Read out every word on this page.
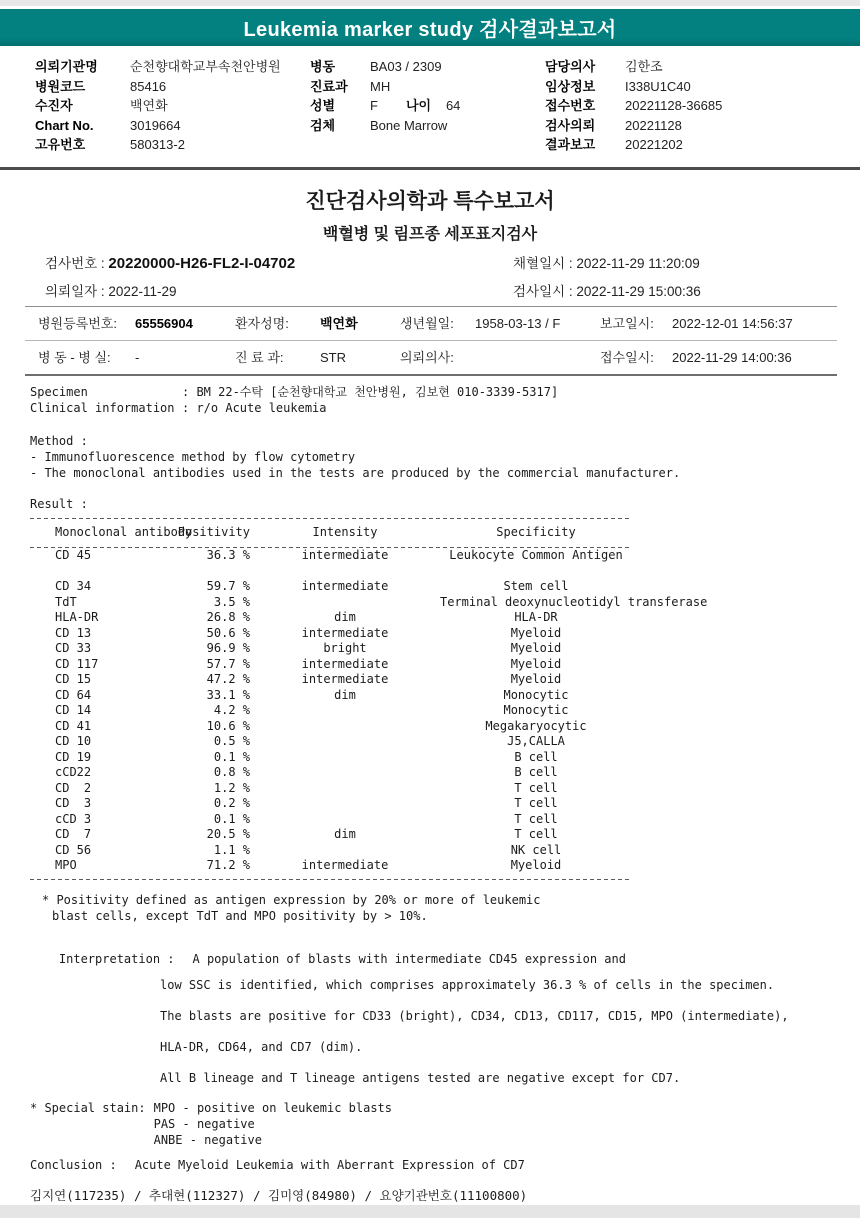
Leukemia marker study 검사결과보고서
의뢰기관명	순천향대학교부속천안병원
병원코드	85416
수진자	백연화
Chart No.	3019664
고유번호	580313-2
병동	BA03 / 2309
진료과	MH
성별	F 나이	64
검체	Bone Marrow
담당의사	김한조
임상정보	I338U1C40
접수번호	20221128-36685
검사의뢰	20221128
결과보고	20221202
진단검사의학과 특수보고서
백혈병 및 림프종 세포표지검사
검사번호 : 20220000-H26-FL2-I-04702
의뢰일자 : 2022-11-29
채혈일시 : 2022-11-29 11:20:09
검사일시 : 2022-11-29 15:00:36
병원등록번호: 65556904	환자성명: 백연화	생년월일: 1958-03-13 / F	보고일시: 2022-12-01 14:56:37
병 동 - 병 실: -	진 료 과:	STR	의뢰의사:	접수일시: 2022-11-29 14:00:36
Specimen	: BM 22-수탁 [순천향대학교 천안병원, 김보현 010-3339-5317]
Clinical information : r/o Acute leukemia
Method :
- Immunofluorescence method by flow cytometry
- The monoclonal antibodies used in the tests are produced by the commercial manufacturer.
Result :
Monoclonal antibody
Positivity	Intensity	Specificity
CD 45	36.3 %	intermediate	Leukocyte Common Antigen
CD 34	59.7 %	intermediate	Stem cell
TdT	3.5 %	Terminal deoxynucleotidyl transferase
HLA-DR	26.8 %	dim	HLA-DR
CD 13	50.6 %	intermediate	Myeloid
CD 33	96.9 %	bright	Myeloid
CD 117	57.7 %	intermediate	Myeloid
CD 15	47.2 %	intermediate	Myeloid
CD 64	33.1 %	dim	Monocytic
CD 14	4.2 %	Monocytic
CD 41	10.6 %	Megakaryocytic
CD 10	0.5 %	J5,CALLA
CD 19	0.1 %	B cell
cCD22	0.8 %	B cell
CD  2	1.2 %	T cell
CD  3	0.2 %	T cell
cCD 3	0.1 %	T cell
CD  7	20.5 %	dim	T cell
CD 56	1.1 %	NK cell
MPO	71.2 %	intermediate	Myeloid
* Positivity defined as antigen expression by 20% or more of leukemic
blast cells, except TdT and MPO positivity by > 10%.

Interpretation : A population of blasts with intermediate CD45 expression and

low SSC is identified, which comprises approximately 36.3 % of cells in the specimen.
The blasts are positive for CD33 (bright), CD34, CD13, CD117, CD15, MPO (intermediate),
HLA-DR, CD64, and CD7 (dim).
All B lineage and T lineage antigens tested are negative except for CD7.
* Special stain: MPO - positive on leukemic blasts
PAS - negative
ANBE - negative
Conclusion : Acute Myeloid Leukemia with Aberrant Expression of CD7
김지연(117235) / 추대현(112327) / 김미영(84980) / 요양기관번호(11100800)
